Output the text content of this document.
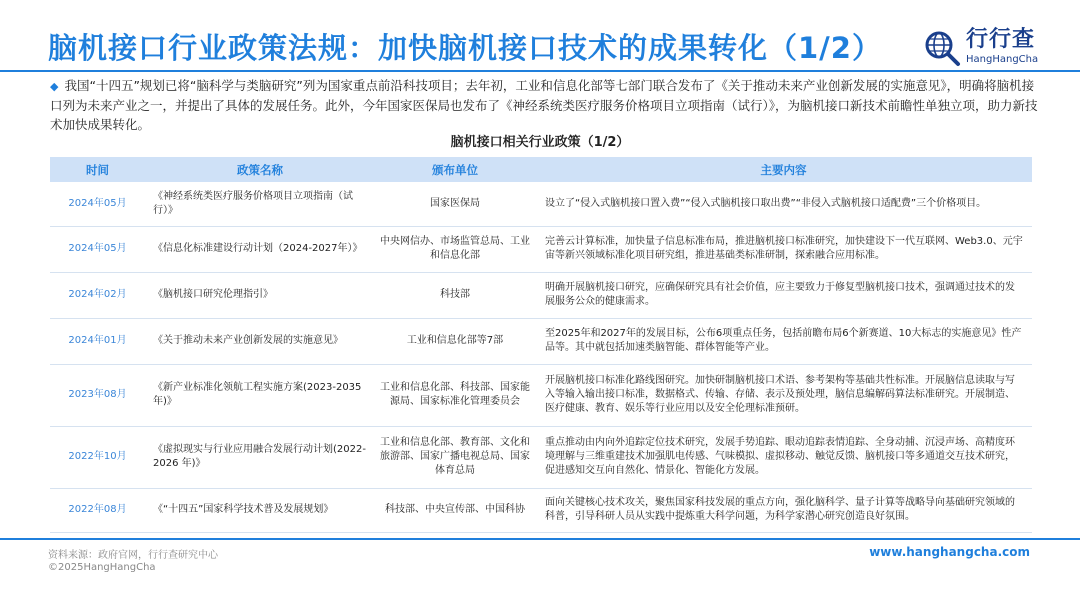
脑机接口行业政策法规：加快脑机接口技术的成果转化（1/2）	行行查
HangHangCha
◆ 我国“十四五”规划已将“脑科学与类脑研究”列为国家重点前沿科技项目；去年初，工业和信息化部等七部门联合发布了《关于推动未来产业创新发展的实施意见》，明确将脑机接口列为未来产业之一，并提出了具体的发展任务。此外，今年国家医保局也发布了《神经系统类医疗服务价格项目立项指南（试行）》，为脑机接口新技术前瞻性单独立项，助力新技术加快成果转化。
脑机接口相关行业政策（1/2）
时间	政策名称	颁布单位	主要内容
2024年05月	《神经系统类医疗服务价格项目立项指南（试行）》	国家医保局	设立了“侵入式脑机接口置入费”“侵入式脑机接口取出费”“非侵入式脑机接口适配费”三个价格项目。
2024年05月	《信息化标准建设行动计划（2024-2027年）》	中央网信办、市场监管总局、工业和信息化部	完善云计算标准，加快量子信息标准布局，推进脑机接口标准研究，加快建设下一代互联网、Web3.0、元宇宙等新兴领域标准化项目研究组，推进基础类标准研制，探索融合应用标准。
2024年02月	《脑机接口研究伦理指引》	科技部	明确开展脑机接口研究，应确保研究具有社会价值，应主要致力于修复型脑机接口技术，强调通过技术的发展服务公众的健康需求。
2024年01月	《关于推动未来产业创新发展的实施意见》	工业和信息化部等7部	至2025年和2027年的发展目标，公布6项重点任务，包括前瞻布局6个新赛道、10大标志的实施意见》性产品等。其中就包括加速类脑智能、群体智能等产业。
2023年08月	《新产业标准化领航工程实施方案(2023-2035年)》	工业和信息化部、科技部、国家能源局、国家标准化管理委员会	开展脑机接口标准化路线图研究。加快研制脑机接口术语、参考架构等基础共性标准。开展脑信息读取与写入等输入输出接口标准，数据格式、传输、存储、表示及预处理，脑信息编解码算法标准研究。开展制造、医疗健康、教育、娱乐等行业应用以及安全伦理标准预研。
2022年10月	《虚拟现实与行业应用融合发展行动计划(2022-2026 年)》	工业和信息化部、教育部、文化和旅游部、国家广播电视总局、国家体育总局	重点推动由内向外追踪定位技术研究，发展手势追踪、眼动追踪表情追踪、全身动捕、沉浸声场、高精度环境理解与三维重建技术加强肌电传感、气味模拟、虚拟移动、触觉反馈、脑机接口等多通道交互技术研究，促进感知交互向自然化、情景化、智能化方发展。
2022年08月	《“十四五”国家科学技术普及发展规划》	科技部、中央宣传部、中国科协	面向关键核心技术攻关，聚焦国家科技发展的重点方向，强化脑科学、量子计算等战略导向基础研究领域的科普，引导科研人员从实践中提炼重大科学问题，为科学家潜心研究创造良好氛围。
资料来源：政府官网，行行查研究中心
©2025HangHangCha
www.hanghangcha.com
